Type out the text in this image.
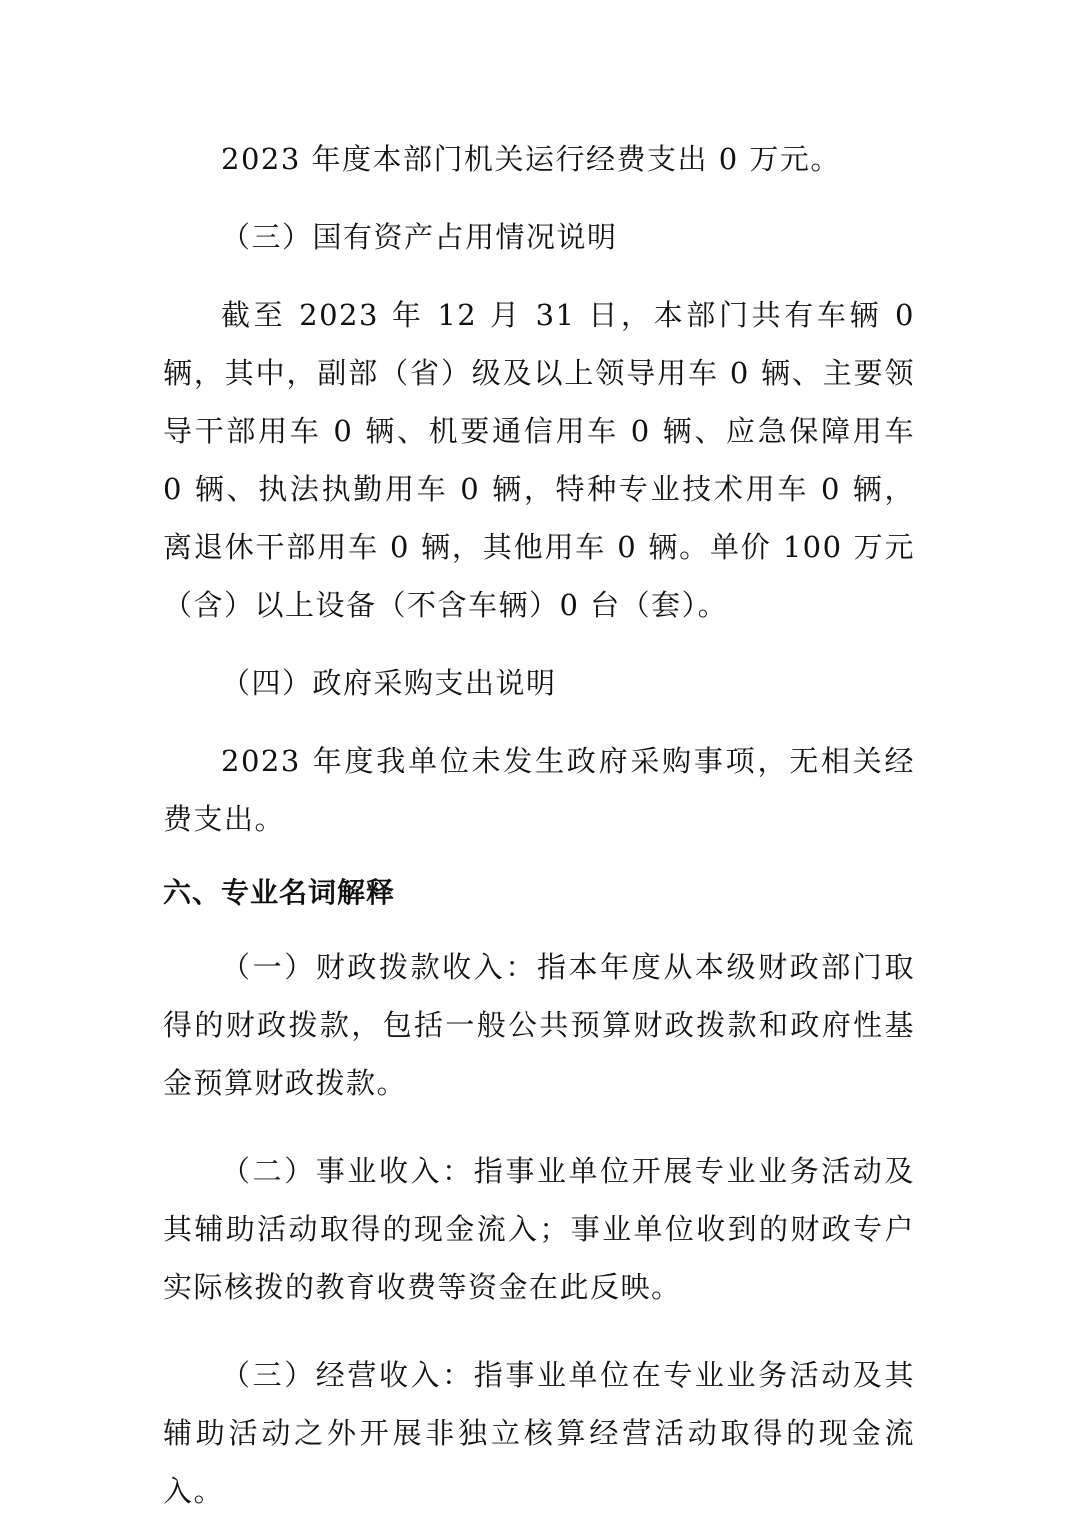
2023 年度本部门机关运行经费支出 0 万元。

（三）国有资产占用情况说明

截至 2023 年 12 月 31 日，本部门共有车辆 0 辆，其中，副部（省）级及以上领导用车 0 辆、主要领导干部用车 0 辆、机要通信用车 0 辆、应急保障用车 0 辆、执法执勤用车 0 辆，特种专业技术用车 0 辆，离退休干部用车 0 辆，其他用车 0 辆。单价 100 万元（含）以上设备（不含车辆）0 台（套）。

（四）政府采购支出说明

2023 年度我单位未发生政府采购事项，无相关经费支出。

六、专业名词解释

（一）财政拨款收入：指本年度从本级财政部门取得的财政拨款，包括一般公共预算财政拨款和政府性基金预算财政拨款。

（二）事业收入：指事业单位开展专业业务活动及其辅助活动取得的现金流入；事业单位收到的财政专户实际核拨的教育收费等资金在此反映。

（三）经营收入：指事业单位在专业业务活动及其辅助活动之外开展非独立核算经营活动取得的现金流入。
